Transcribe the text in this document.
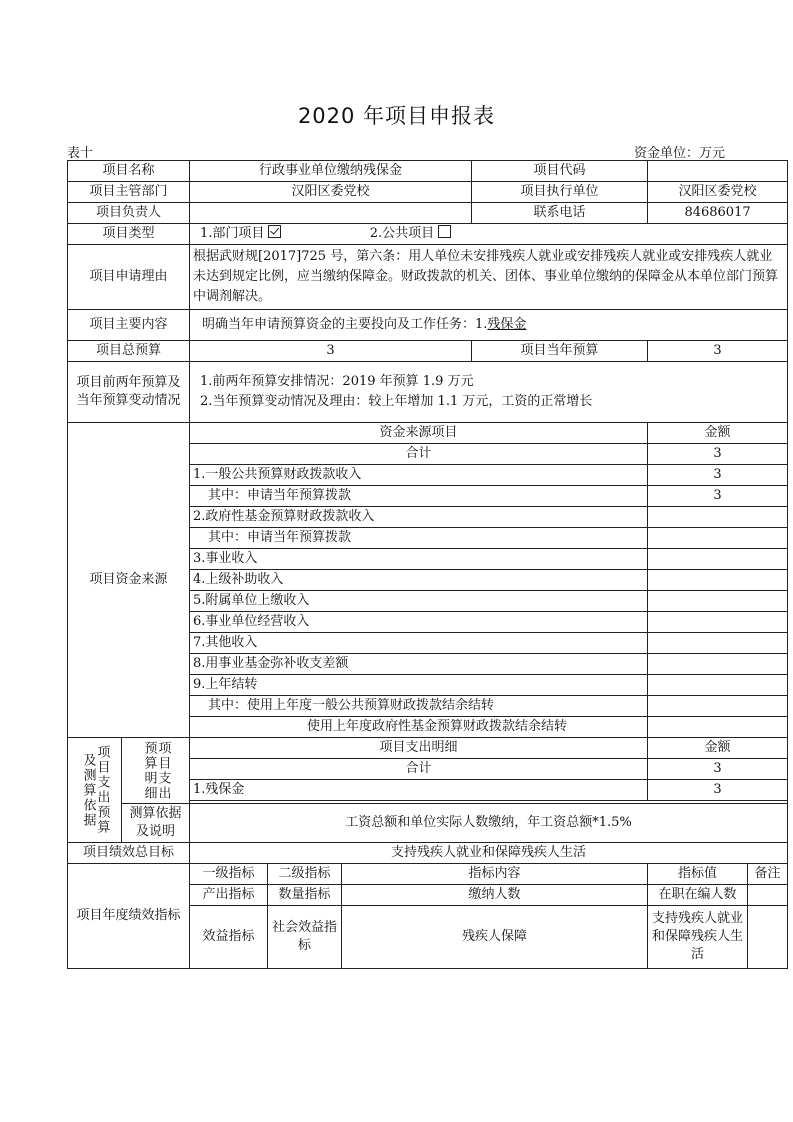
2020 年项目申报表
表十	资金单位：万元
项目名称		行政事业单位缴纳残保金			项目代码		
项目主管部门		汉阳区委党校			项目执行单位	汉阳区委党校	
项目负责人					联系电话	84686017	
项目类型		1.部门项目 2.公共项目					
项目申请理由		根据武财规[2017]725 号，第六条：用人单位未安排残疾人就业或安排残疾人就业或安排残疾人就业未达到规定比例，应当缴纳保障金。财政拨款的机关、团体、事业单位缴纳的保障金从本单位部门预算中调剂解决。					
项目主要内容		明确当年申请预算资金的主要投向及工作任务：1.残保金					
项目总预算		3			项目当年预算	3	
项目前两年预算及当年预算变动情况		1.前两年预算安排情况：2019 年预算 1.9 万元
2.当年预算变动情况及理由：较上年增加 1.1 万元，工资的正常增长					

项目资金来源		资金来源项目				金额	
		合计				3	
		1.一般公共预算财政拨款收入				3	
		其中：申请当年预算拨款				3	
		2.政府性基金预算财政拨款收入					
		其中：申请当年预算拨款					
		3.事业收入					
		4.上级补助收入					
		5.附属单位上缴收入					
		6.事业单位经营收入					
		7.其他收入					
		8.用事业基金弥补收支差额					
		9.上年结转					
		其中：使用上年度一般公共预算财政拨款结余结转					
		使用上年度政府性基金预算财政拨款结余结转					
项目支出预算及测算依据	项目支出预算明细	项目支出明细				金额	
		合计				3	
		1.残保金				3	

	测算依据及说明	工资总额和单位实际人数缴纳，年工资总额*1.5%					
项目绩效总目标		支持残疾人就业和保障残疾人生活					
项目年度绩效指标		一级指标	二级指标	指标内容		指标值	备注
		产出指标	数量指标	缴纳人数		在职在编人数	
		效益指标	社会效益指标	残疾人保障		支持残疾人就业和保障残疾人生活	
